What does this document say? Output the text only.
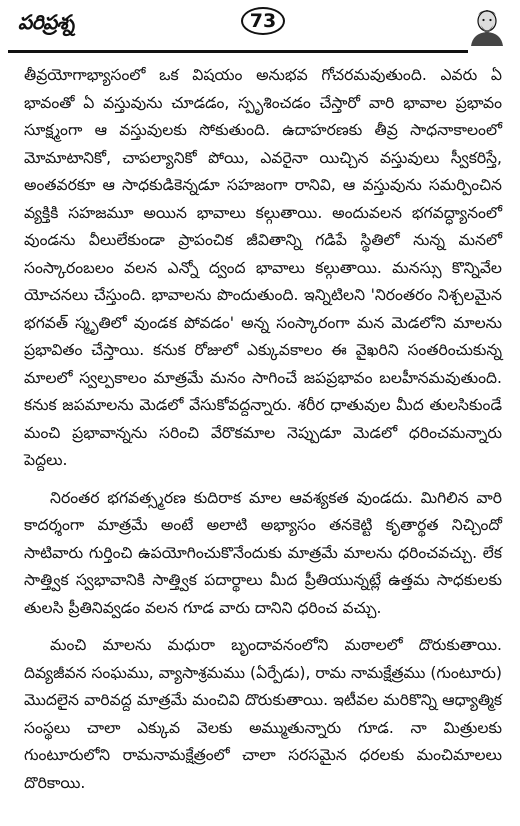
పరిప్రశ్న	73

తీవ్రయోగాభ్యాసంలో ఒక విషయం అనుభవ గోచరమవుతుంది. ఎవరు ఏ భావంతో ఏ వస్తువును చూడడం, స్పృశించడం చేస్తారో వారి భావాల ప్రభావం సూక్ష్మంగా ఆ వస్తువులకు సోకుతుంది. ఉదాహరణకు తీవ్ర సాధనాకాలంలో మోమాటానికో, చాపల్యానికో పోయి, ఎవరైనా యిచ్చిన వస్తువులు స్వీకరిస్తే, అంతవరకూ ఆ సాధకుడికెన్నడూ సహజంగా రానివి, ఆ వస్తువును సమర్పించిన వ్యక్తికి సహజమూ అయిన భావాలు కల్గుతాయి. అందువలన భగవద్ధ్యానంలో వుండను వీలులేకుండా ప్రాపంచిక జీవితాన్ని గడిపే స్థితిలో నున్న మనలో సంస్కారంబలం వలన ఎన్నో ద్వంద భావాలు కల్గుతాయి. మనస్సు కొన్నివేల యోచనలు చేస్తుంది. భావాలను పొందుతుంది. ఇన్నిటిలని 'నిరంతరం నిశ్చలమైన భగవత్ స్మృతిలో వుండక పోవడం' అన్న సంస్కారంగా మన మెడలోని మాలను ప్రభావితం చేస్తాయి. కనుక రోజులో ఎక్కువకాలం ఈ వైఖరిని సంతరించుకున్న మాలలో స్వల్పకాలం మాత్రమే మనం సాగించే జపప్రభావం బలహీనమవుతుంది. కనుక జపమాలను మెడలో వేసుకోవద్దన్నారు. శరీర ధాతువుల మీద తులసికుండే మంచి ప్రభావాన్నను సరించి వేరొకమాల నెప్పుడూ మెడలో ధరించమన్నారు పెద్దలు.

నిరంతర భగవత్స్మరణ కుదిరాక మాల ఆవశ్యకత వుండదు. మిగిలిన వారి కాదర్శంగా మాత్రమే అంటే అలాటి అభ్యాసం తనకెట్టి కృతార్థత నిచ్చిందో సాటివారు గుర్తించి ఉపయోగించుకొనేందుకు మాత్రమే మాలను ధరించవచ్చు. లేక సాత్త్విక స్వభావానికి సాత్త్విక పదార్థాలు మీద ప్రీతియున్నట్లే ఉత్తమ సాధకులకు తులసి ప్రీతినివ్వడం వలన గూడ వారు దానిని ధరించ వచ్చు.

మంచి మాలను మధురా బృందావనంలోని మఠాలలో దొరుకుతాయి. దివ్యజీవన సంఘము, వ్యాసాశ్రమము (ఏర్పేడు), రామ నామక్షేత్రము (గుంటూరు) మొదలైన వారివద్ద మాత్రమే మంచివి దొరుకుతాయి. ఇటీవల మరికొన్ని ఆధ్యాత్మిక సంస్థలు చాలా ఎక్కువ వెలకు అమ్ముతున్నారు గూడ. నా మిత్రులకు గుంటూరులోని రామనామక్షేత్రంలో చాలా సరసమైన ధరలకు మంచిమాలలు దొరికాయి.
